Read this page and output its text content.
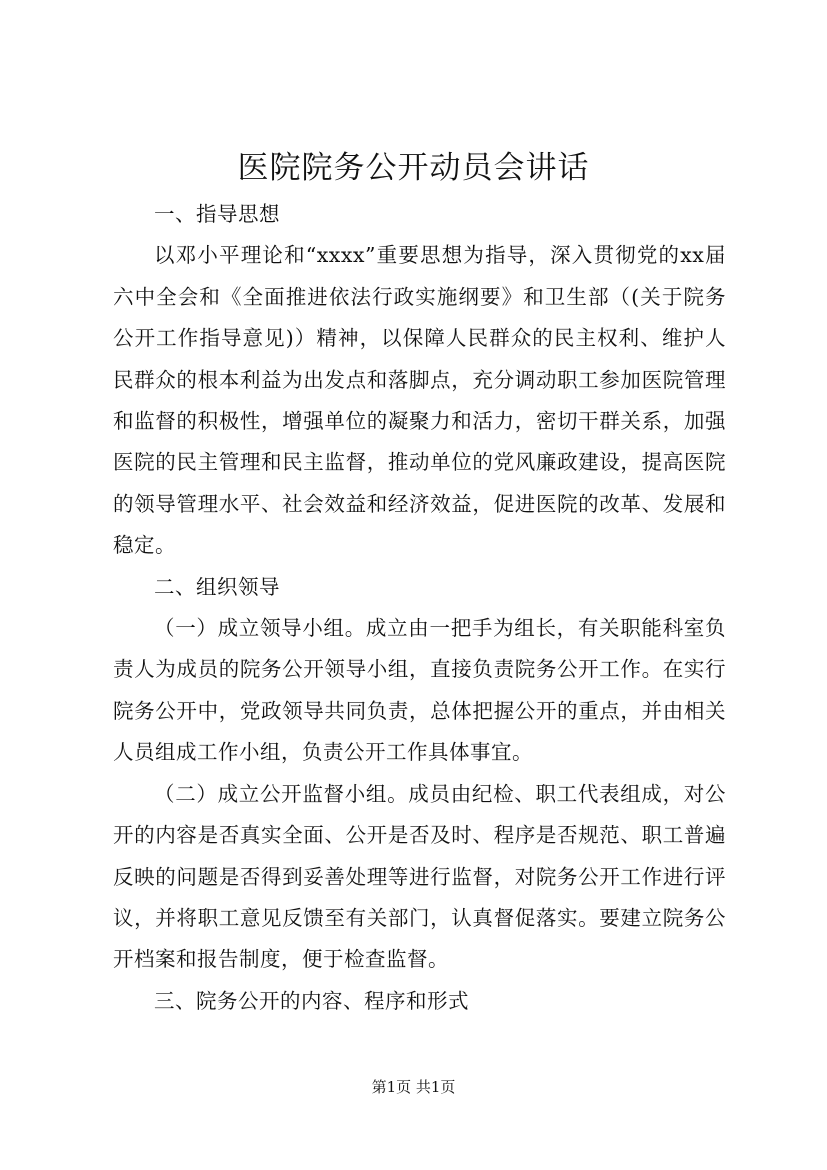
医院院务公开动员会讲话

一、指导思想

以邓小平理论和“xxxx”重要思想为指导，深入贯彻党的xx届六中全会和《全面推进依法行政实施纲要》和卫生部（(关于院务公开工作指导意见)）精神，以保障人民群众的民主权利、维护人民群众的根本利益为出发点和落脚点，充分调动职工参加医院管理和监督的积极性，增强单位的凝聚力和活力，密切干群关系，加强医院的民主管理和民主监督，推动单位的党风廉政建设，提高医院的领导管理水平、社会效益和经济效益，促进医院的改革、发展和稳定。

二、组织领导

（一）成立领导小组。成立由一把手为组长，有关职能科室负责人为成员的院务公开领导小组，直接负责院务公开工作。在实行院务公开中，党政领导共同负责，总体把握公开的重点，并由相关人员组成工作小组，负责公开工作具体事宜。

（二）成立公开监督小组。成员由纪检、职工代表组成，对公开的内容是否真实全面、公开是否及时、程序是否规范、职工普遍反映的问题是否得到妥善处理等进行监督，对院务公开工作进行评议，并将职工意见反馈至有关部门，认真督促落实。要建立院务公开档案和报告制度，便于检查监督。

三、院务公开的内容、程序和形式

第1页 共1页
